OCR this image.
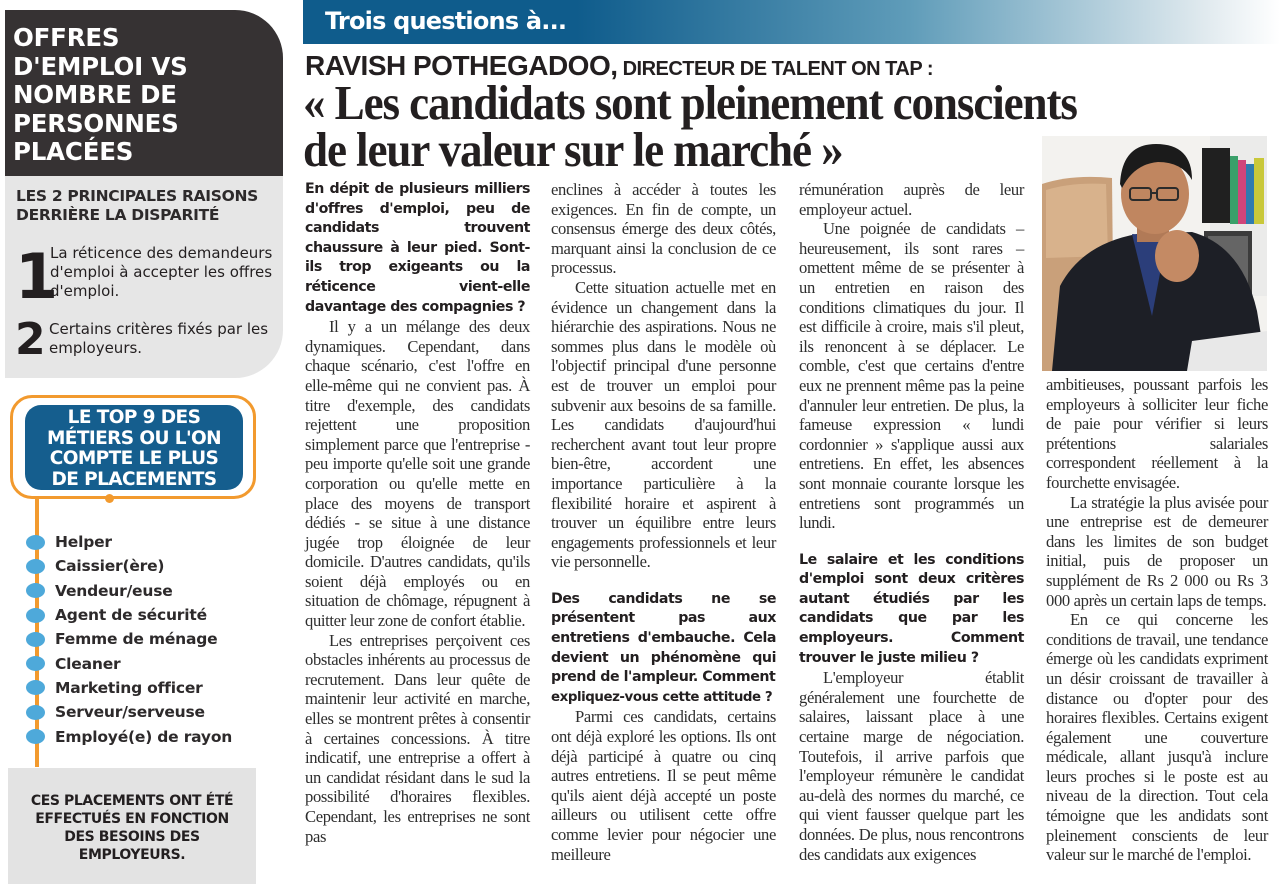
OFFRES
D'EMPLOI VS
NOMBRE DE
PERSONNES
PLACÉES
LES 2 PRINCIPALES RAISONS
DERRIÈRE LA DISPARITÉ
1
La réticence des demandeurs d'emploi à accepter les offres d'emploi.
2 Certains critères fixés par les employeurs.
LE TOP 9 DES
MÉTIERS OU L'ON
COMPTE LE PLUS
DE PLACEMENTS
Helper
Caissier(ère)
Vendeur/euse
Agent de sécurité
Femme de ménage
Cleaner
Marketing officer
Serveur/serveuse
Employé(e) de rayon
CES PLACEMENTS ONT ÉTÉ
EFFECTUÉS EN FONCTION
DES BESOINS DES
EMPLOYEURS.
Trois questions à...
RAVISH POTHEGADOO, DIRECTEUR DE TALENT ON TAP :
« Les candidats sont pleinement conscients
de leur valeur sur le marché »

En dépit de plusieurs milliers d'offres d'emploi, peu de candidats trouvent chaussure à leur pied. Sont-ils trop exigeants ou la réticence vient-elle davantage des compagnies ?

Il y a un mélange des deux dynamiques. Cependant, dans chaque scénario, c'est l'offre en elle-même qui ne convient pas. À titre d'exemple, des candidats rejettent une proposition simplement parce que l'entreprise - peu importe qu'elle soit une grande corporation ou qu'elle mette en place des moyens de transport dédiés - se situe à une distance jugée trop éloignée de leur domicile. D'autres candidats, qu'ils soient déjà employés ou en situation de chômage, répugnent à quitter leur zone de confort établie.

Les entreprises perçoivent ces obstacles inhérents au processus de recrutement. Dans leur quête de maintenir leur activité en marche, elles se montrent prêtes à consentir à certaines concessions. À titre indicatif, une entreprise a offert à un candidat résidant dans le sud la possibilité d'horaires flexibles. Cependant, les entreprises ne sont pas

enclines à accéder à toutes les exigences. En fin de compte, un consensus émerge des deux côtés, marquant ainsi la conclusion de ce processus.

Cette situation actuelle met en évidence un changement dans la hiérarchie des aspirations. Nous ne sommes plus dans le modèle où l'objectif principal d'une personne est de trouver un emploi pour subvenir aux besoins de sa famille. Les candidats d'aujourd'hui recherchent avant tout leur propre bien-être, accordent une importance particulière à la flexibilité horaire et aspirent à trouver un équilibre entre leurs engagements professionnels et leur vie personnelle.

Des candidats ne se présentent pas aux entretiens d'embauche. Cela devient un phénomène qui prend de l'ampleur. Comment

expliquez-vous cette attitude ?

Parmi ces candidats, certains ont déjà exploré les options. Ils ont déjà participé à quatre ou cinq autres entretiens. Il se peut même qu'ils aient déjà accepté un poste ailleurs ou utilisent cette offre comme levier pour négocier une meilleure

rémunération auprès de leur employeur actuel.

Une poignée de candidats – heureusement, ils sont rares – omettent même de se présenter à un entretien en raison des conditions climatiques du jour. Il est difficile à croire, mais s'il pleut, ils renoncent à se déplacer. Le comble, c'est que certains d'entre eux ne prennent même pas la peine d'annuler leur entretien. De plus, la fameuse expression « lundi cordonnier » s'applique aussi aux entretiens. En effet, les absences sont monnaie courante lorsque les entretiens sont programmés un lundi.

Le salaire et les conditions d'emploi sont deux critères autant étudiés par les candidats que par les employeurs. Comment trouver le juste milieu ?

L'employeur établit généralement une fourchette de salaires, laissant place à une certaine marge de négociation. Toutefois, il arrive parfois que l'employeur rémunère le candidat au-delà des normes du marché, ce qui vient fausser quelque part les données. De plus, nous rencontrons des candidats aux exigences

ambitieuses, poussant parfois les employeurs à solliciter leur fiche de paie pour vérifier si leurs prétentions salariales correspondent réellement à la fourchette envisagée.

La stratégie la plus avisée pour une entreprise est de demeurer dans les limites de son budget initial, puis de proposer un supplément de Rs 2 000 ou Rs 3 000 après un certain laps de temps.

En ce qui concerne les conditions de travail, une tendance émerge où les candidats expriment un désir croissant de travailler à distance ou d'opter pour des horaires flexibles. Certains exigent également une couverture médicale, allant jusqu'à inclure leurs proches si le poste est au niveau de la direction. Tout cela témoigne que les andidats sont pleinement conscients de leur valeur sur le marché de l'emploi.
